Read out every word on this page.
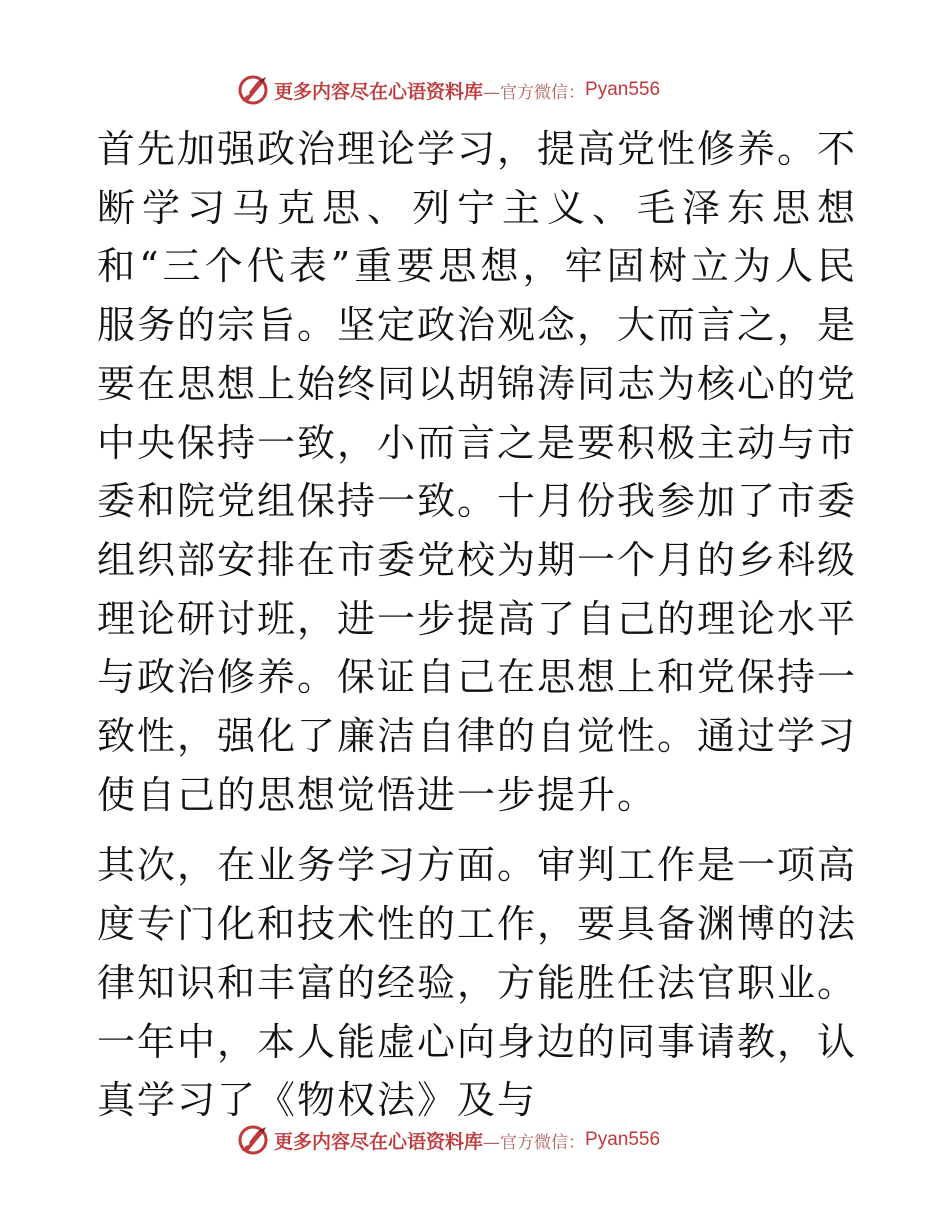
更多内容尽在心语资料库 —官方微信： Pyan556

首先加强政治理论学习，提高党性修养。不断学习马克思、列宁主义、毛泽东思想和“三个代表”重要思想，牢固树立为人民服务的宗旨。坚定政治观念，大而言之，是要在思想上始终同以胡锦涛同志为核心的党中央保持一致，小而言之是要积极主动与市委和院党组保持一致。十月份我参加了市委组织部安排在市委党校为期一个月的乡科级理论研讨班，进一步提高了自己的理论水平与政治修养。保证自己在思想上和党保持一致性，强化了廉洁自律的自觉性。通过学习使自己的思想觉悟进一步提升。

其次，在业务学习方面。审判工作是一项高度专门化和技术性的工作，要具备渊博的法律知识和丰富的经验，方能胜任法官职业。一年中，本人能虚心向身边的同事请教，认真学习了《物权法》及与

更多内容尽在心语资料库 —官方微信： Pyan556
